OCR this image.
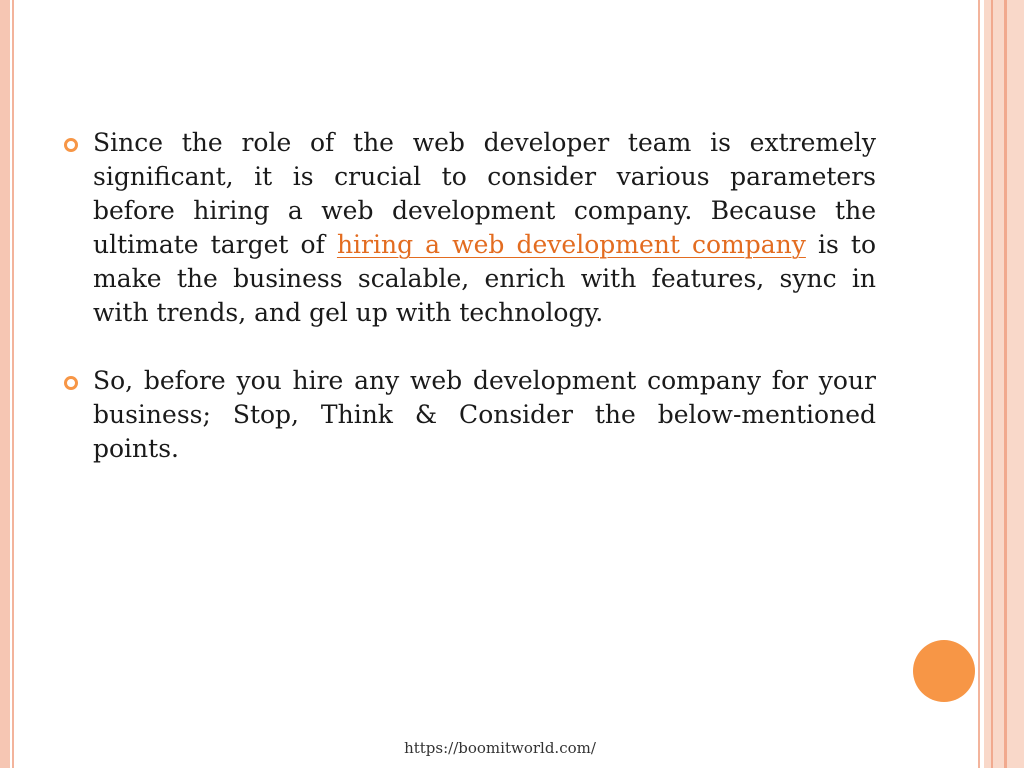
Since the role of the web developer team is extremely significant, it is crucial to consider various parameters before hiring a web development company. Because the ultimate target of hiring a web development company is to make the business scalable, enrich with features, sync in with trends, and gel up with technology.

So, before you hire any web development company for your business; Stop, Think & Consider the below-mentioned points.

https://boomitworld.com/
